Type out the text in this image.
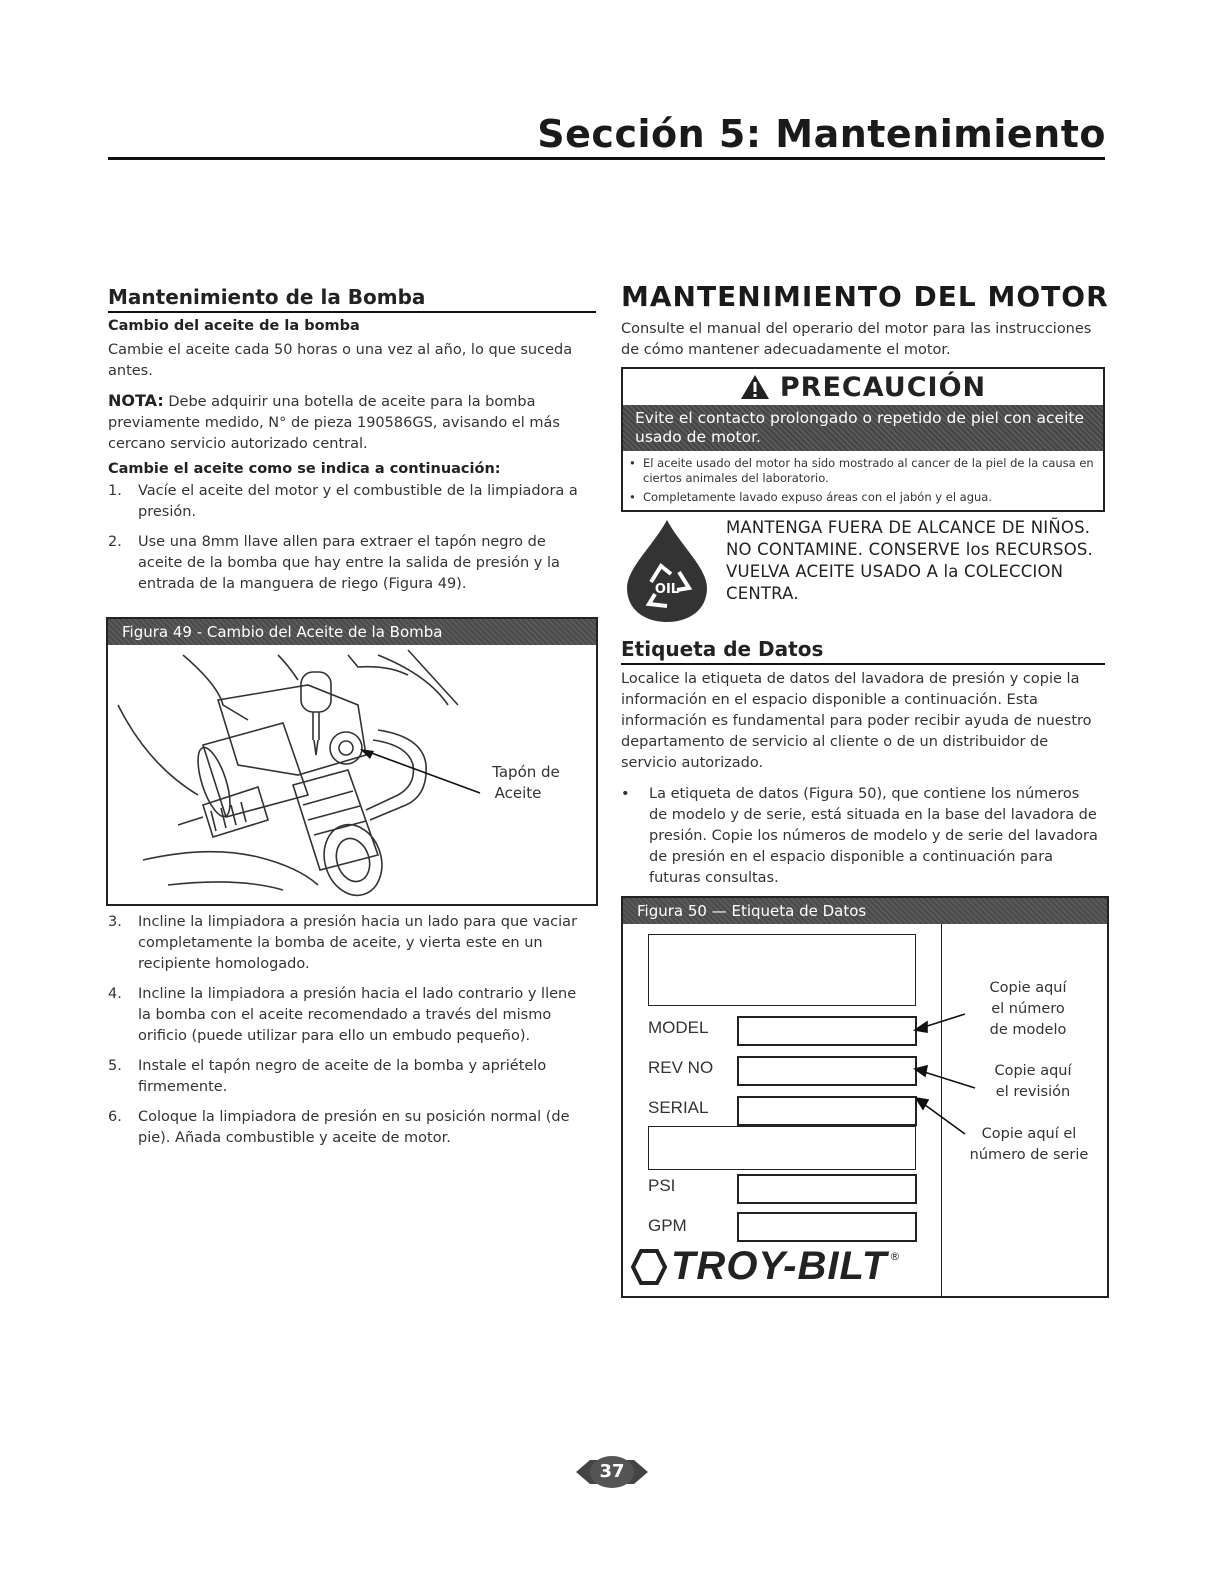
Sección 5: Mantenimiento
Mantenimiento de la Bomba
Cambio del aceite de la bomba
Cambie el aceite cada 50 horas o una vez al año, lo que suceda antes.
NOTA: Debe adquirir una botella de aceite para la bomba previamente medido, N° de pieza 190586GS, avisando el más cercano servicio autorizado central.
Cambie el aceite como se indica a continuación:
1.	Vacíe el aceite del motor y el combustible de la limpiadora a presión.
2.	Use una 8mm llave allen para extraer el tapón negro de aceite de la bomba que hay entre la salida de presión y la entrada de la manguera de riego (Figura 49).
Figura 49 - Cambio del Aceite de la Bomba
Tapón de
Aceite
3.	Incline la limpiadora a presión hacia un lado para que vaciar completamente la bomba de aceite, y vierta este en un recipiente homologado.
4.	Incline la limpiadora a presión hacia el lado contrario y llene la bomba con el aceite recomendado a través del mismo orificio (puede utilizar para ello un embudo pequeño).
5.	Instale el tapón negro de aceite de la bomba y apriételo firmemente.
6.	Coloque la limpiadora de presión en su posición normal (de pie). Añada combustible y aceite de motor.
MANTENIMIENTO DEL MOTOR
Consulte el manual del operario del motor para las instrucciones de cómo mantener adecuadamente el motor.
PRECAUCIÓN
Evite el contacto prolongado o repetido de piel con aceite usado de motor.
• El aceite usado del motor ha sido mostrado al cancer de la piel de la causa en ciertos animales del laboratorio.
• Completamente lavado expuso áreas con el jabón y el agua.
OIL
MANTENGA FUERA DE ALCANCE DE NIÑOS. NO CONTAMINE. CONSERVE los RECURSOS. VUELVA ACEITE USADO A la COLECCION CENTRA.
Etiqueta de Datos
Localice la etiqueta de datos del lavadora de presión y copie la información en el espacio disponible a continuación. Esta información es fundamental para poder recibir ayuda de nuestro departamento de servicio al cliente o de un distribuidor de servicio autorizado.
•	La etiqueta de datos (Figura 50), que contiene los números de modelo y de serie, está situada en la base del lavadora de presión. Copie los números de modelo y de serie del lavadora de presión en el espacio disponible a continuación para futuras consultas.
Figura 50 — Etiqueta de Datos
MODEL
REV NO
SERIAL
PSI
GPM
TROY-BILT ®
Copie aquí
el número
de modelo
Copie aquí
el revisión
Copie aquí el
número de serie
37
